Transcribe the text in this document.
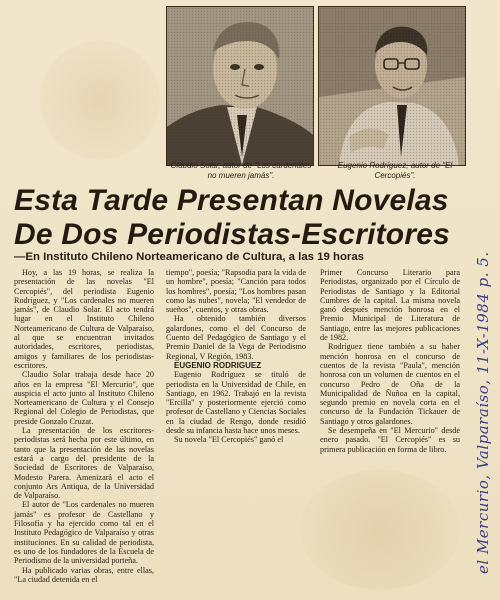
Claudio Solar, autor de "Los cardenales no mueren jamás".
Eugenio Rodríguez, autor de "El Cercopiés".
Esta Tarde Presentan Novelas
De Dos Periodistas-Escritores
—En Instituto Chileno Norteamericano de Cultura, a las 19 horas

Hoy, a las 19 horas, se realiza la presentación de las novelas "El Cercopiés", del periodista Eugenio Rodríguez, y "Los cardenales no mueren jamás", de Claudio Solar. El acto tendrá lugar en el Instituto Chileno Norteamericano de Cultura de Valparaíso, al que se encuentran invitados autoridades, escritores, periodistas, amigos y familiares de los periodistas-escritores.

Claudio Solar trabaja desde hace 20 años en la empresa "El Mercurio", que auspicia el acto junto al Instituto Chileno Norteamericano de Cultura y el Consejo Regional del Colegio de Periodistas, que preside Gonzalo Cruzat.

La presentación de los escritores-periodistas será hecha por este último, en tanto que la presentación de las novelas estará a cargo del presidente de la Sociedad de Escritores de Valparaíso, Modesto Parera. Amenizará el acto el conjunto Ars Antiqua, de la Universidad de Valparaíso.

El autor de "Los cardenales no mueren jamás" es profesor de Castellano y Filosofía y ha ejercido como tal en el Instituto Pedagógico de Valparaíso y otras instituciones. En su calidad de periodista, es uno de los fundadores de la Escuela de Periodismo de la universidad porteña.

Ha publicado varias obras, entre ellas, "La ciudad detenida en el

tiempo", poesía; "Rapsodia para la vida de un hombre", poesía; "Canción para todos los hombres", poesía; "Los hombres pasan como las nubes", novela; "El vendedor de sueños", cuentos, y otras obras.

Ha obtenido también diversos galardones, como el del Concurso de Cuento del Pedagógico de Santiago y el Premio Daniel de la Vega de Periodismo Regional, V Región, 1983.

EUGENIO RODRIGUEZ

Eugenio Rodríguez se tituló de periodista en la Universidad de Chile, en Santiago, en 1962. Trabajó en la revista "Ercilla" y posteriormente ejerció como profesor de Castellano y Ciencias Sociales en la ciudad de Rengo, donde residió desde su infancia hasta hace unos meses.

Su novela "El Cercopiés" ganó el

Primer Concurso Literario para Periodistas, organizado por el Círculo de Periodistas de Santiago y la Editorial Cumbres de la capital. La misma novela ganó después mención honrosa en el Premio Municipal de Literatura de Santiago, entre las mejores publicaciones de 1982.

Rodríguez tiene también a su haber mención honrosa en el concurso de cuentos de la revista "Paula", mención honrosa con un volumen de cuentos en el concurso Pedro de Oña de la Municipalidad de Ñuñoa en la capital, segundo premio en novela corta en el concurso de la Fundación Tickauer de Santiago y otros galardones.

Se desempeña en "El Mercurio" desde enero pasado. "El Cercopiés" es su primera publicación en forma de libro.	el Mercurio, Valparaíso, 11-X-1984 p. 5.
